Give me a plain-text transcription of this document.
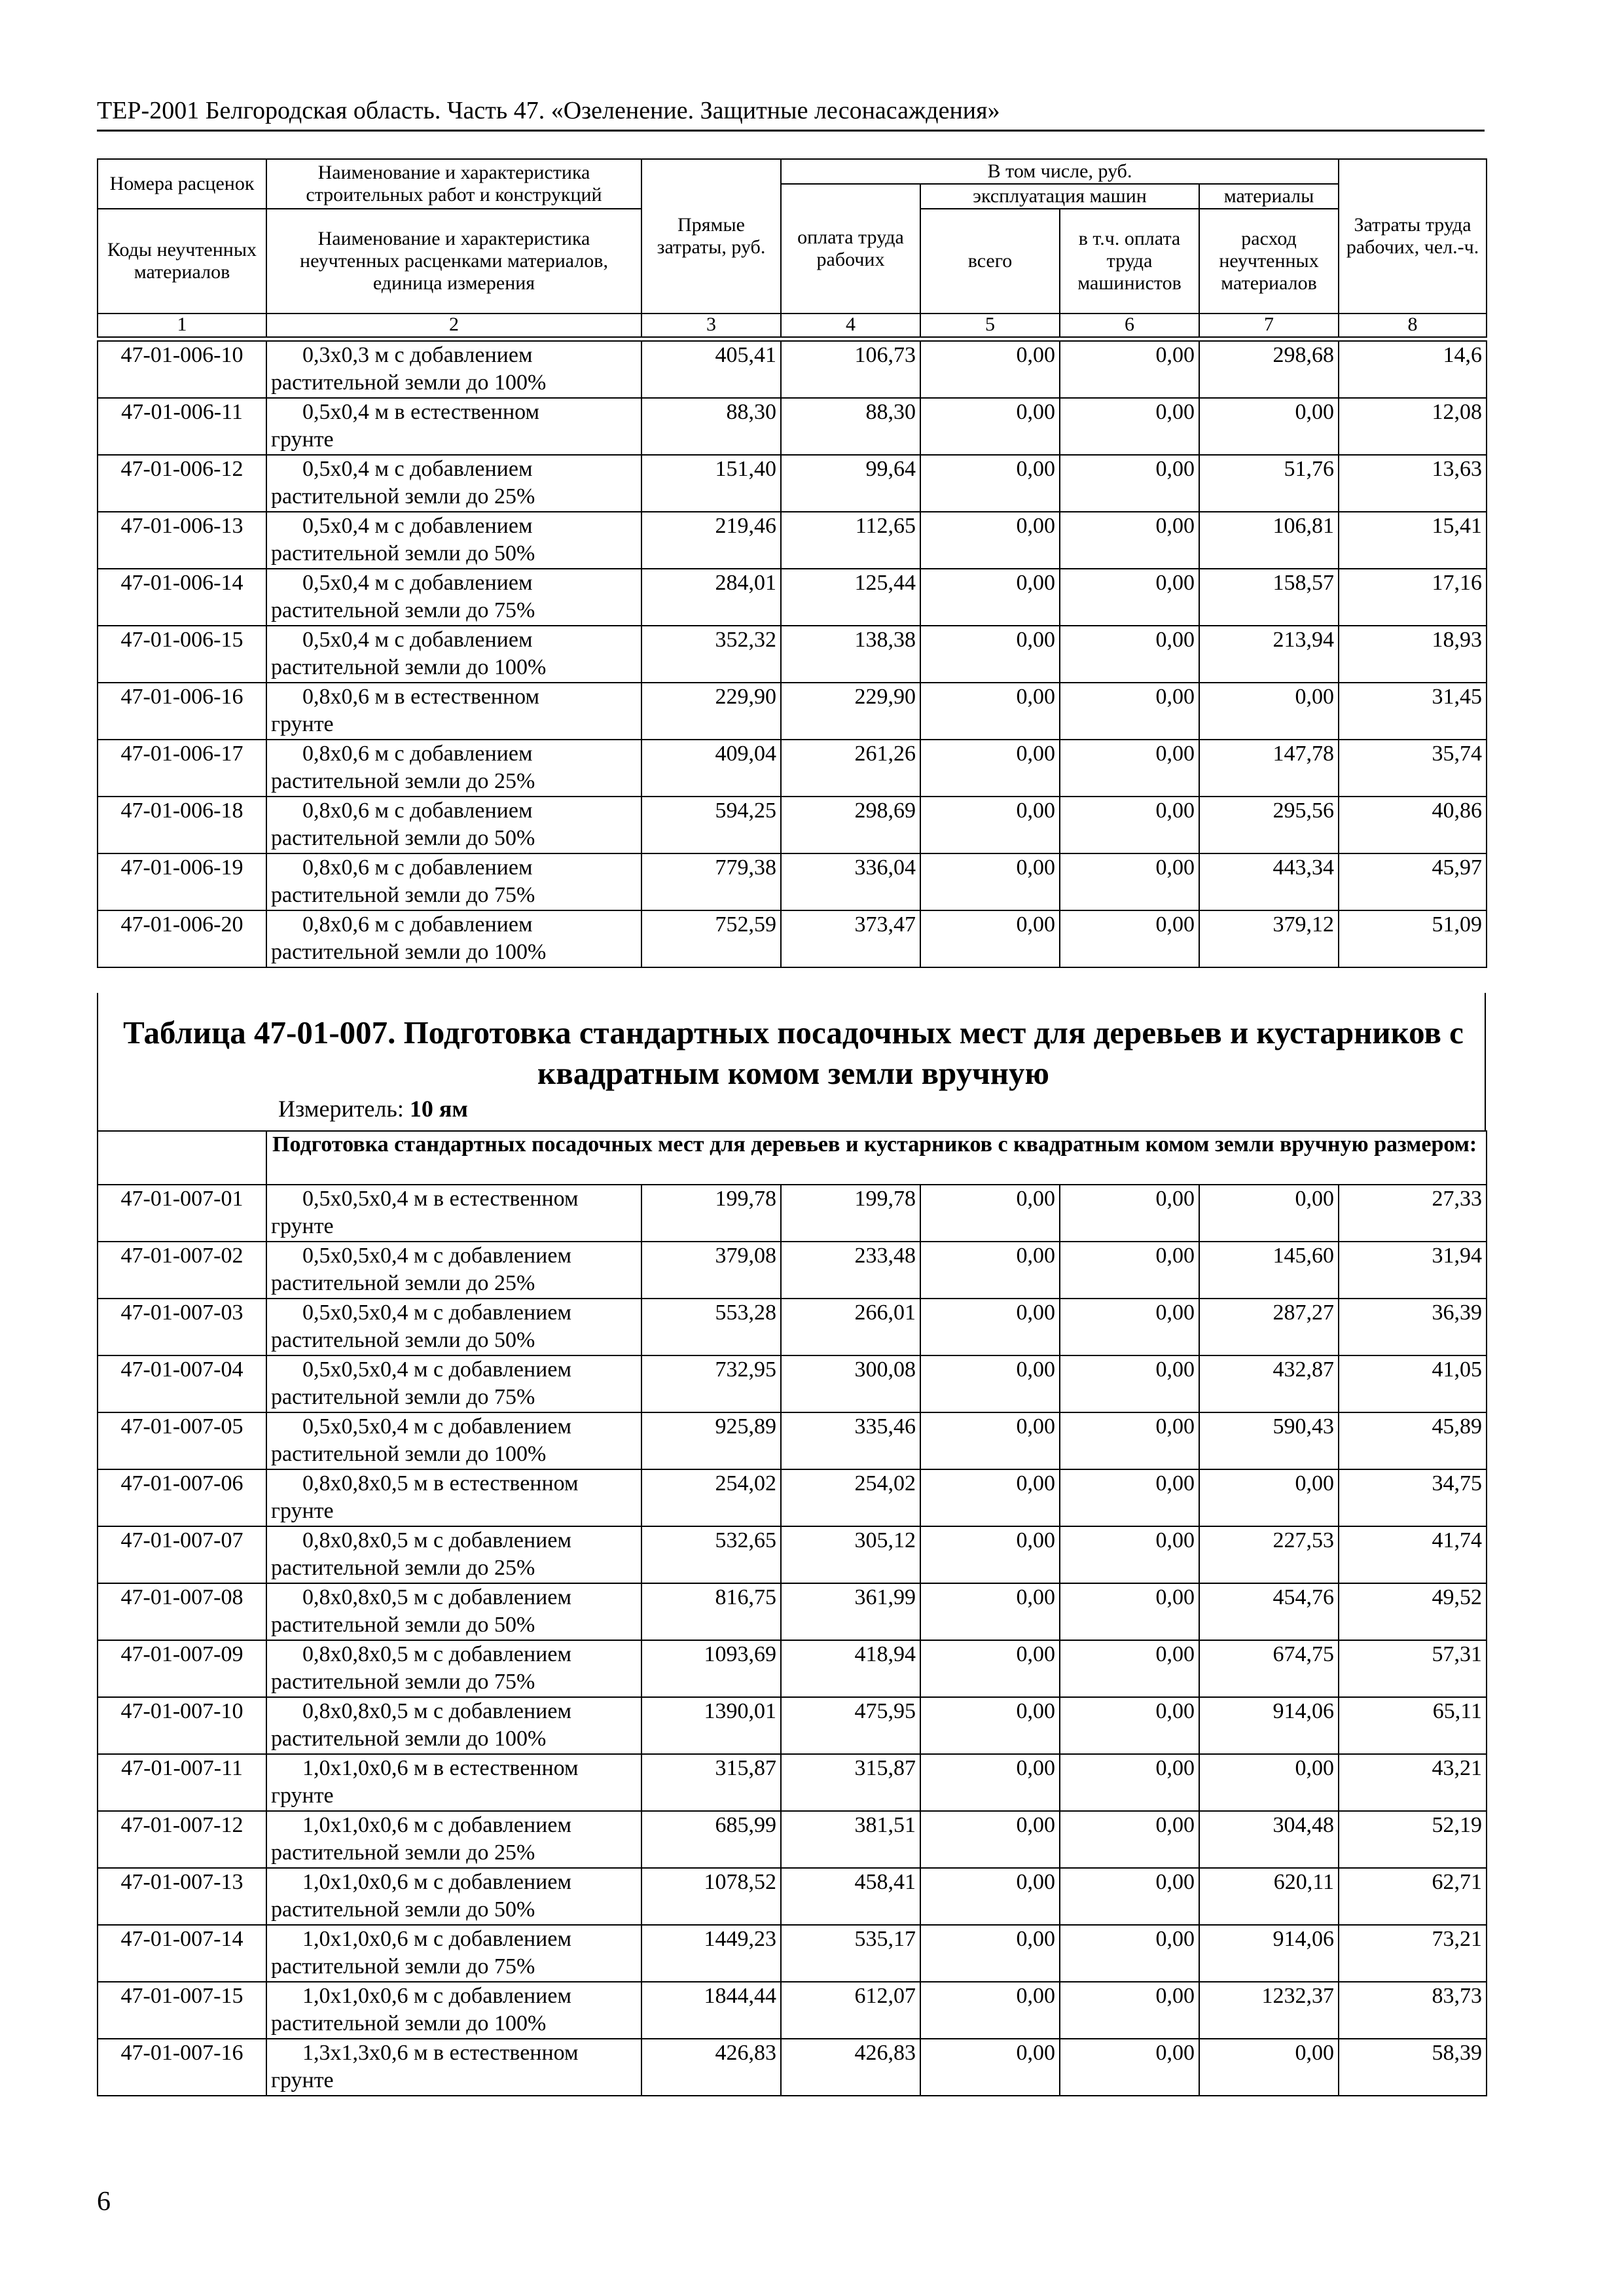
ТЕР-2001 Белгородская область. Часть 47. «Озеленение. Защитные лесонасаждения»
Номера расценок	Наименование и характеристика строительных работ и конструкций	Прямые затраты, руб.	В том числе, руб.				Затраты труда рабочих, чел.-ч.
			оплата труда рабочих	эксплуатация машин		материалы	
Коды неучтенных материалов	Наименование и характеристика неучтенных расценками материалов, единица измерения			всего	в т.ч. оплата труда машинистов	расход неучтенных материалов	
1	2	3	4	5	6	7	8
47-01-006-10	0,3х0,3 м с добавлением
растительной земли до 100%	405,41	106,73	0,00	0,00	298,68	14,6
47-01-006-11	0,5х0,4 м в естественном
грунте	88,30	88,30	0,00	0,00	0,00	12,08
47-01-006-12	0,5х0,4 м с добавлением
растительной земли до 25%	151,40	99,64	0,00	0,00	51,76	13,63
47-01-006-13	0,5х0,4 м с добавлением
растительной земли до 50%	219,46	112,65	0,00	0,00	106,81	15,41
47-01-006-14	0,5х0,4 м с добавлением
растительной земли до 75%	284,01	125,44	0,00	0,00	158,57	17,16
47-01-006-15	0,5х0,4 м с добавлением
растительной земли до 100%	352,32	138,38	0,00	0,00	213,94	18,93
47-01-006-16	0,8х0,6 м в естественном
грунте	229,90	229,90	0,00	0,00	0,00	31,45
47-01-006-17	0,8х0,6 м с добавлением
растительной земли до 25%	409,04	261,26	0,00	0,00	147,78	35,74
47-01-006-18	0,8х0,6 м с добавлением
растительной земли до 50%	594,25	298,69	0,00	0,00	295,56	40,86
47-01-006-19	0,8х0,6 м с добавлением
растительной земли до 75%	779,38	336,04	0,00	0,00	443,34	45,97
47-01-006-20	0,8х0,6 м с добавлением
растительной земли до 100%	752,59	373,47	0,00	0,00	379,12	51,09
Таблица 47-01-007. Подготовка стандартных посадочных мест для деревьев и кустарников с квадратным комом земли вручную
Измеритель: 10 ям
	Подготовка стандартных посадочных мест для деревьев и кустарников с квадратным комом земли вручную размером:						
47-01-007-01	0,5х0,5х0,4 м в естественном
грунте	199,78	199,78	0,00	0,00	0,00	27,33
47-01-007-02	0,5х0,5х0,4 м с добавлением
растительной земли до 25%	379,08	233,48	0,00	0,00	145,60	31,94
47-01-007-03	0,5х0,5х0,4 м с добавлением
растительной земли до 50%	553,28	266,01	0,00	0,00	287,27	36,39
47-01-007-04	0,5х0,5х0,4 м с добавлением
растительной земли до 75%	732,95	300,08	0,00	0,00	432,87	41,05
47-01-007-05	0,5х0,5х0,4 м с добавлением
растительной земли до 100%	925,89	335,46	0,00	0,00	590,43	45,89
47-01-007-06	0,8х0,8х0,5 м в естественном
грунте	254,02	254,02	0,00	0,00	0,00	34,75
47-01-007-07	0,8х0,8х0,5 м с добавлением
растительной земли до 25%	532,65	305,12	0,00	0,00	227,53	41,74
47-01-007-08	0,8х0,8х0,5 м с добавлением
растительной земли до 50%	816,75	361,99	0,00	0,00	454,76	49,52
47-01-007-09	0,8х0,8х0,5 м с добавлением
растительной земли до 75%	1093,69	418,94	0,00	0,00	674,75	57,31
47-01-007-10	0,8х0,8х0,5 м с добавлением
растительной земли до 100%	1390,01	475,95	0,00	0,00	914,06	65,11
47-01-007-11	1,0х1,0х0,6 м в естественном
грунте	315,87	315,87	0,00	0,00	0,00	43,21
47-01-007-12	1,0х1,0х0,6 м с добавлением
растительной земли до 25%	685,99	381,51	0,00	0,00	304,48	52,19
47-01-007-13	1,0х1,0х0,6 м с добавлением
растительной земли до 50%	1078,52	458,41	0,00	0,00	620,11	62,71
47-01-007-14	1,0х1,0х0,6 м с добавлением
растительной земли до 75%	1449,23	535,17	0,00	0,00	914,06	73,21
47-01-007-15	1,0х1,0х0,6 м с добавлением
растительной земли до 100%	1844,44	612,07	0,00	0,00	1232,37	83,73
47-01-007-16	1,3х1,3х0,6 м в естественном
грунте	426,83	426,83	0,00	0,00	0,00	58,39
6
